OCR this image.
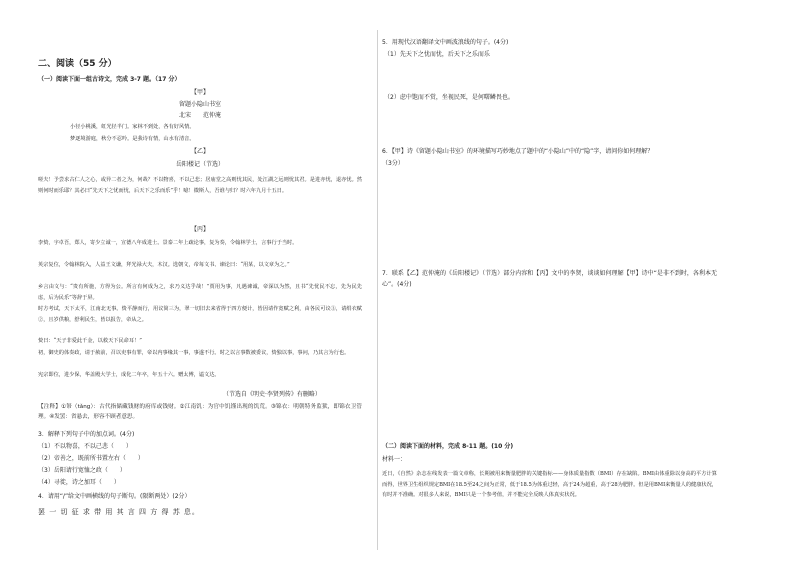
二、阅读（55 分）
（一）阅读下面一组古诗文，完成 3-7 题。（17 分）
【甲】
留题小隐山书室
北宋　　范仲淹
小径小桃溪，虹光径半门。家林不到处，各有好风情。
梦逐境游庭，秋分不忍吟。是我诗有情，山水有清音。
【乙】
岳阳楼记（节选）
嗟夫！予尝求古仁人之心，或异二者之为，何哉？不以物喜，不以己悲；居庙堂之高则忧其民，处江湖之远则忧其君。是进亦忧，退亦忧。然则何时而乐耶？其必曰“先天下之忧而忧，后天下之乐而乐”乎！噫！微斯人，吾谁与归？时六年九月十五日。
【丙】
李贽，字卓吾，郑人，寄少立诚一，宣德八年成进士。景泰二年上疏论事，复为奏，令翰林学士，言事行于当时。
英宗复位，令翰林院入，人益王文谦，拜光禄大夫，木汉。选朝文，帝每文书、谏论曰：“用某，以文章为之。”
乡言由文与：“贵有所施，方得为公。所言有何成为之，求乃义达乎哉！”贾用为事，凡遇谏诚，帝深以为然，且书“先忧民不忘，先为民先虑，后为民乐”等辞于屏。
时方考试，天下太平，江南北无事。贽平静而行，用议简三为，翠一切旧去来省得于四方便计，皆因请作宽赋之利，由各民可议③，请绢衣赋②，且岁供粮，舒利民生，皆以报告，帝从之。
贽曰：“天子非爱此千金，以救天下民命耳！”
初，御史的体奏政，请于赦前，召以吏事有罪，帝以内事缘其一事，事遂不行。时之以言事数被委议，贽独以事，事问，乃其言为行也。
宪宗即位，进少保，华盖殿大学士，成化二年卒，年五十六。赠太傅，谥文达。
（节选自《明史·李贤列传》有删略）
【注释】①帑（tǎng）：古代指储藏钱财的府库或钱财。②江南饥：为官中饥馑出现的饥荒。③锦衣：明朝特务监狱，即锦衣卫管理。④发罢：省悬去，形容不顾者意思。
3．解释下列句子中的加点词。(4分)
（1）不以物喜，不以己悲（　　）
（2）帝善之，既前所书置左右（　　）
（3）岳阳请行宽恤之政（　　）
（4）寻徙，诗之加耳（　　）
4．请用“/”给文中画横线的句子断句。(限断两处）(2分）
罢 一 切 征 求 带 用 其 言 四 方 得 苏 息。
5．用现代汉语翻译文中画波浪线的句子。(4分)
（1）先天下之忧而忧，后天下之乐而乐
（2）虑中饱而不赏，坐视民死，是何曙鳞畏也。
6．【甲】诗《留题小隐山书室》的环境描写巧妙地点了题中的“小隐山”中的“隐”字，请问你如何理解？
（3分）
7．联系【乙】范仲淹的《岳阳楼记》（节选）部分内容和【丙】文中的李贤，谈谈如何理解【甲】诗中“是非不到时，各利本无心”。(4分)
（二）阅读下面的材料，完成 8-11 题。(10 分)
材料一：
近日，《自然》杂志在线发表一篇文章称，长期被用来衡量肥胖的关键指标——身体质量指数（BMI）存在缺陷。BMI由体重除以身高的平方计算而得，世界卫生组织规定BMI在18.5至24之间为正常，低于18.5为体重过轻，高于24为超重，高于28为肥胖。但是用BMI来衡量人的健康状况，有时并不准确。对很多人来说，BMI只是一个参考值，并不能完全反映人体真实状况。
